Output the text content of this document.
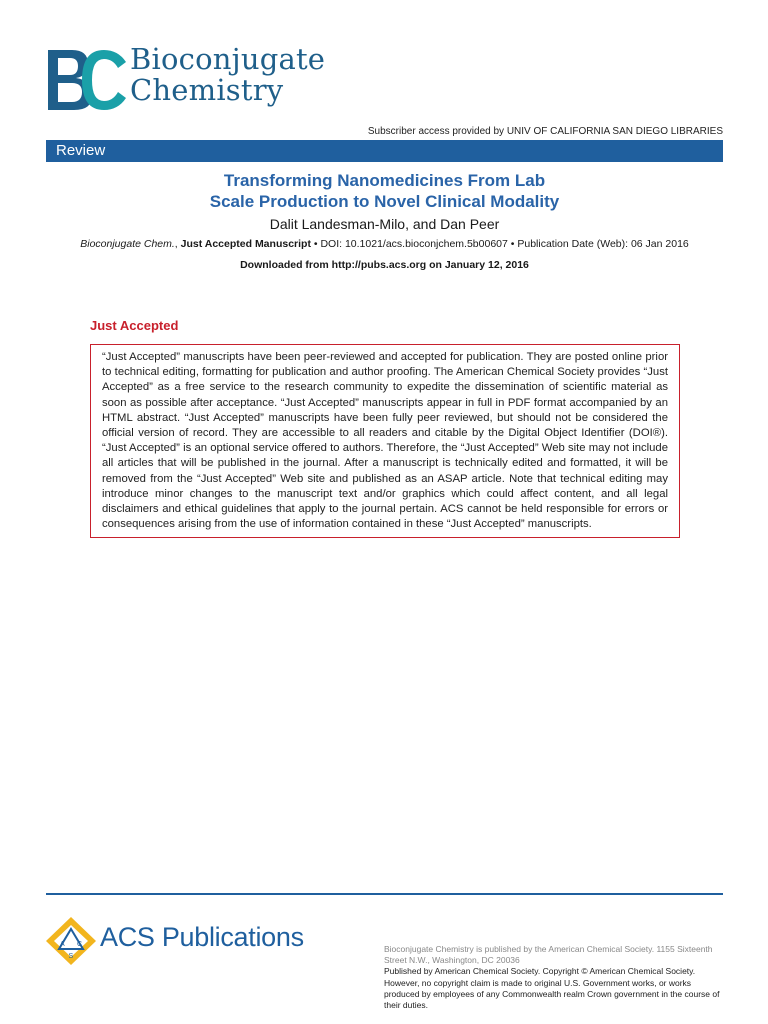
Bioconjugate
Chemistry
Subscriber access provided by UNIV OF CALIFORNIA SAN DIEGO LIBRARIES
Review
Transforming Nanomedicines From Lab
Scale Production to Novel Clinical Modality
Dalit Landesman-Milo, and Dan Peer
Bioconjugate Chem., Just Accepted Manuscript • DOI: 10.1021/acs.bioconjchem.5b00607 • Publication Date (Web): 06 Jan 2016
Downloaded from http://pubs.acs.org on January 12, 2016
Just Accepted
“Just Accepted” manuscripts have been peer-reviewed and accepted for publication. They are posted online prior to technical editing, formatting for publication and author proofing. The American Chemical Society provides “Just Accepted” as a free service to the research community to expedite the dissemination of scientific material as soon as possible after acceptance. “Just Accepted” manuscripts appear in full in PDF format accompanied by an HTML abstract. “Just Accepted” manuscripts have been fully peer reviewed, but should not be considered the official version of record. They are accessible to all readers and citable by the Digital Object Identifier (DOI®). “Just Accepted” is an optional service offered to authors. Therefore, the “Just Accepted” Web site may not include all articles that will be published in the journal. After a manuscript is technically edited and formatted, it will be removed from the “Just Accepted” Web site and published as an ASAP article. Note that technical editing may introduce minor changes to the manuscript text and/or graphics which could affect content, and all legal disclaimers and ethical guidelines that apply to the journal pertain. ACS cannot be held responsible for errors or consequences arising from the use of information contained in these “Just Accepted” manuscripts.
A C
S
ACS Publications	Bioconjugate Chemistry is published by the American Chemical Society. 1155 Sixteenth Street N.W., Washington, DC 20036
Published by American Chemical Society. Copyright © American Chemical Society. However, no copyright claim is made to original U.S. Government works, or works produced by employees of any Commonwealth realm Crown government in the course of their duties.
